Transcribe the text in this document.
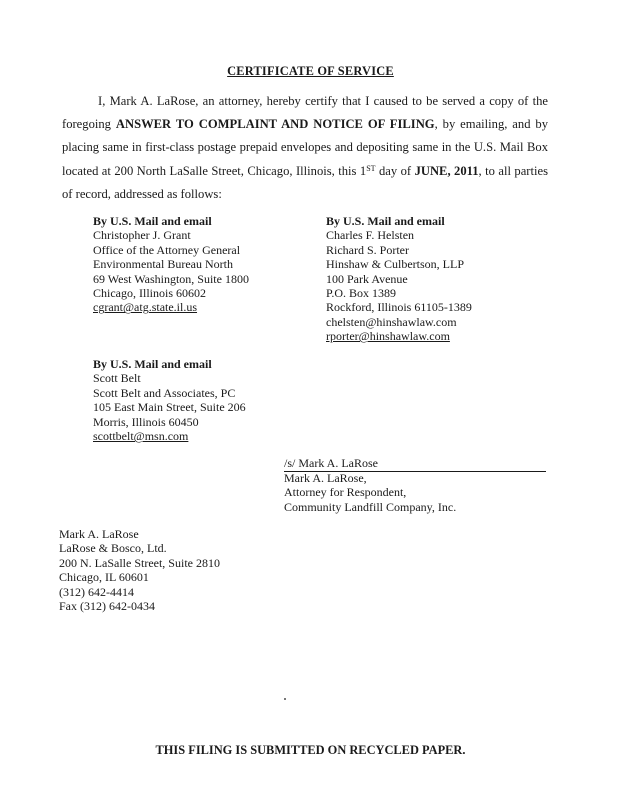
CERTIFICATE OF SERVICE
I, Mark A. LaRose, an attorney, hereby certify that I caused to be served a copy of the foregoing ANSWER TO COMPLAINT AND NOTICE OF FILING, by emailing, and by placing same in first-class postage prepaid envelopes and depositing same in the U.S. Mail Box located at 200 North LaSalle Street, Chicago, Illinois, this 1ST day of JUNE, 2011, to all parties of record, addressed as follows:
By U.S. Mail and email
Christopher J. Grant
Office of the Attorney General
Environmental Bureau North
69 West Washington, Suite 1800
Chicago, Illinois 60602
cgrant@atg.state.il.us
By U.S. Mail and email
Charles F. Helsten
Richard S. Porter
Hinshaw & Culbertson, LLP
100 Park Avenue
P.O. Box 1389
Rockford, Illinois 61105-1389
chelsten@hinshawlaw.com
rporter@hinshawlaw.com
By U.S. Mail and email
Scott Belt
Scott Belt and Associates, PC
105 East Main Street, Suite 206
Morris, Illinois 60450
scottbelt@msn.com
/s/ Mark A. LaRose
Mark A. LaRose,
Attorney for Respondent,
Community Landfill Company, Inc.
Mark A. LaRose
LaRose & Bosco, Ltd.
200 N. LaSalle Street, Suite 2810
Chicago, IL 60601
(312) 642-4414
Fax (312) 642-0434
THIS FILING IS SUBMITTED ON RECYCLED PAPER.
